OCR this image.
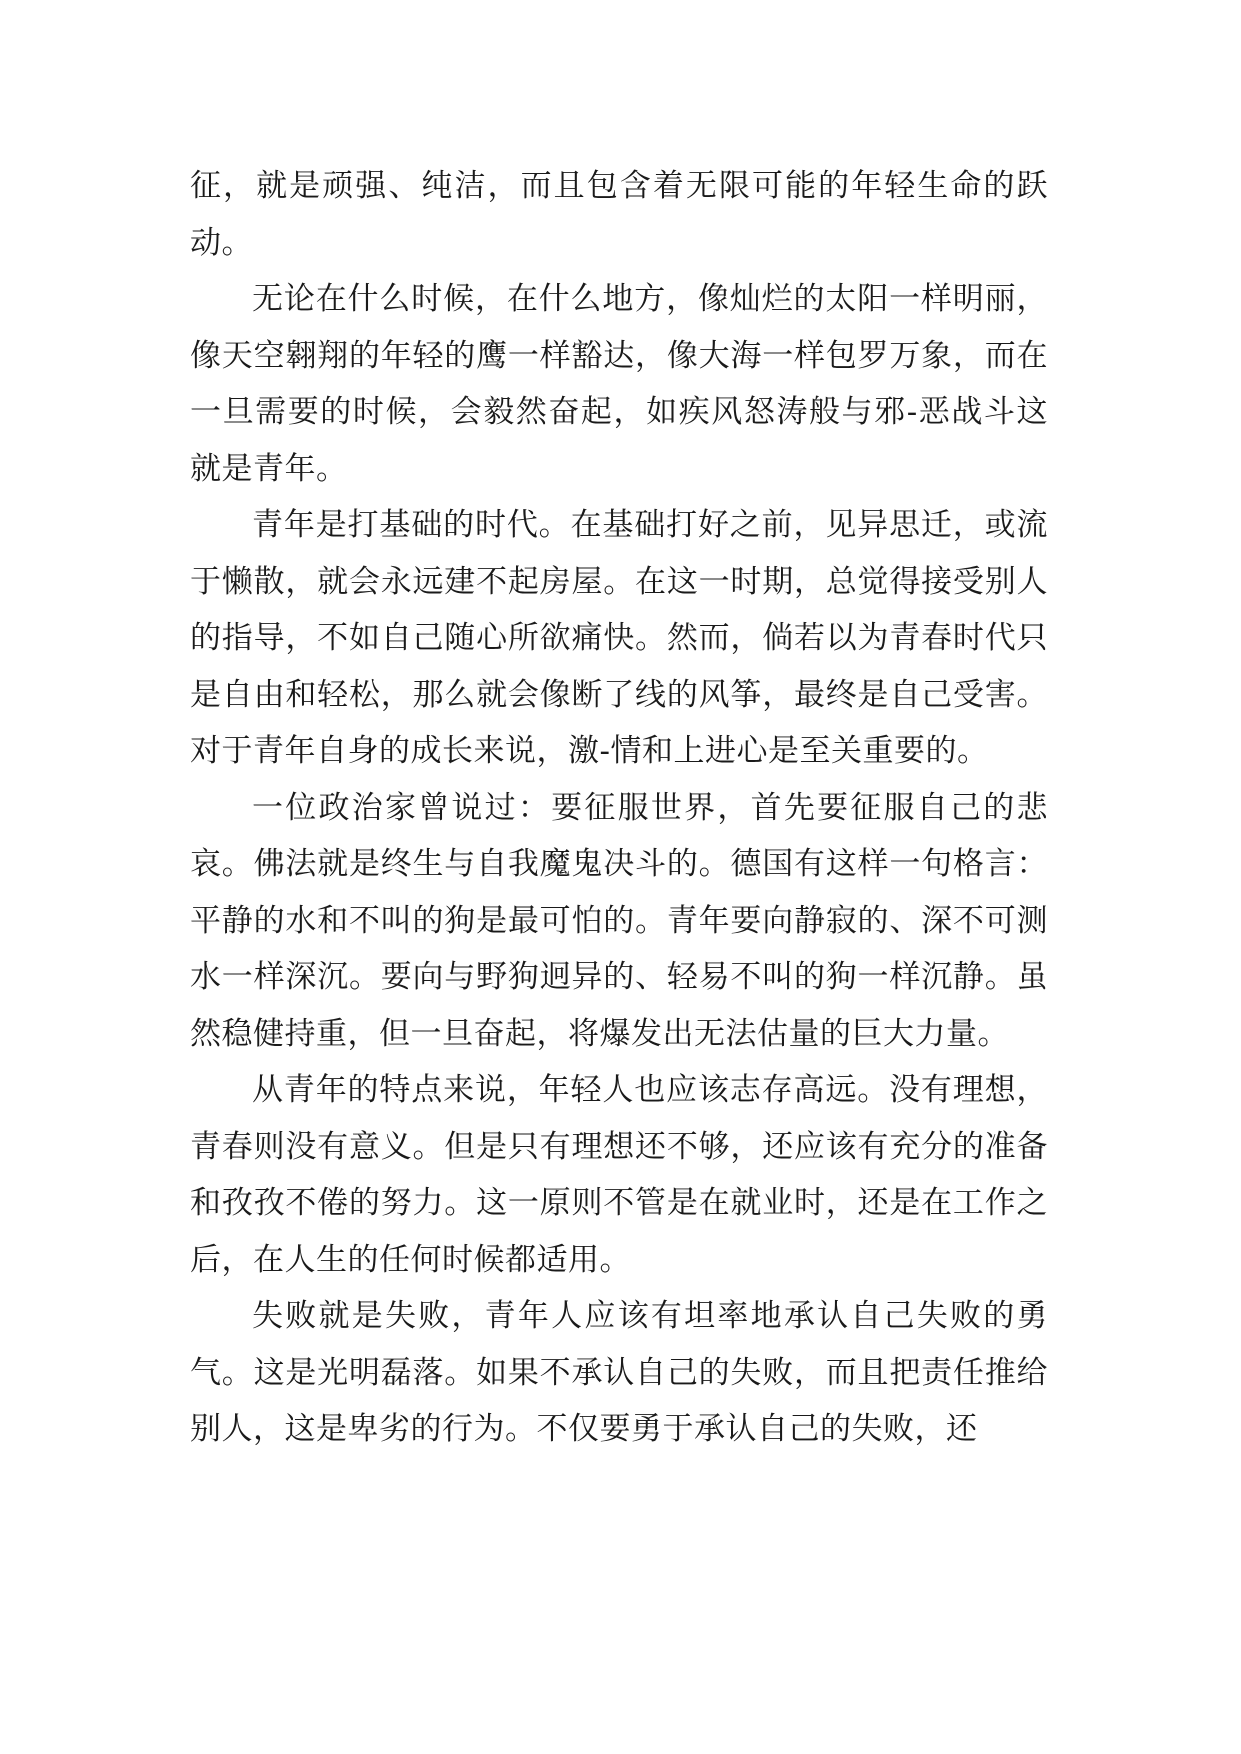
征，就是顽强、纯洁，而且包含着无限可能的年轻生命的跃动。

无论在什么时候，在什么地方，像灿烂的太阳一样明丽，像天空翱翔的年轻的鹰一样豁达，像大海一样包罗万象，而在一旦需要的时候，会毅然奋起，如疾风怒涛般与邪-恶战斗这就是青年。

青年是打基础的时代。在基础打好之前，见异思迁，或流于懒散，就会永远建不起房屋。在这一时期，总觉得接受别人的指导，不如自己随心所欲痛快。然而，倘若以为青春时代只是自由和轻松，那么就会像断了线的风筝，最终是自己受害。对于青年自身的成长来说，激-情和上进心是至关重要的。

一位政治家曾说过：要征服世界，首先要征服自己的悲哀。佛法就是终生与自我魔鬼决斗的。德国有这样一句格言：平静的水和不叫的狗是最可怕的。青年要向静寂的、深不可测水一样深沉。要向与野狗迥异的、轻易不叫的狗一样沉静。虽然稳健持重，但一旦奋起，将爆发出无法估量的巨大力量。

从青年的特点来说，年轻人也应该志存高远。没有理想，青春则没有意义。但是只有理想还不够，还应该有充分的准备和孜孜不倦的努力。这一原则不管是在就业时，还是在工作之后，在人生的任何时候都适用。

失败就是失败，青年人应该有坦率地承认自己失败的勇气。这是光明磊落。如果不承认自己的失败，而且把责任推给别人，这是卑劣的行为。不仅要勇于承认自己的失败，还
